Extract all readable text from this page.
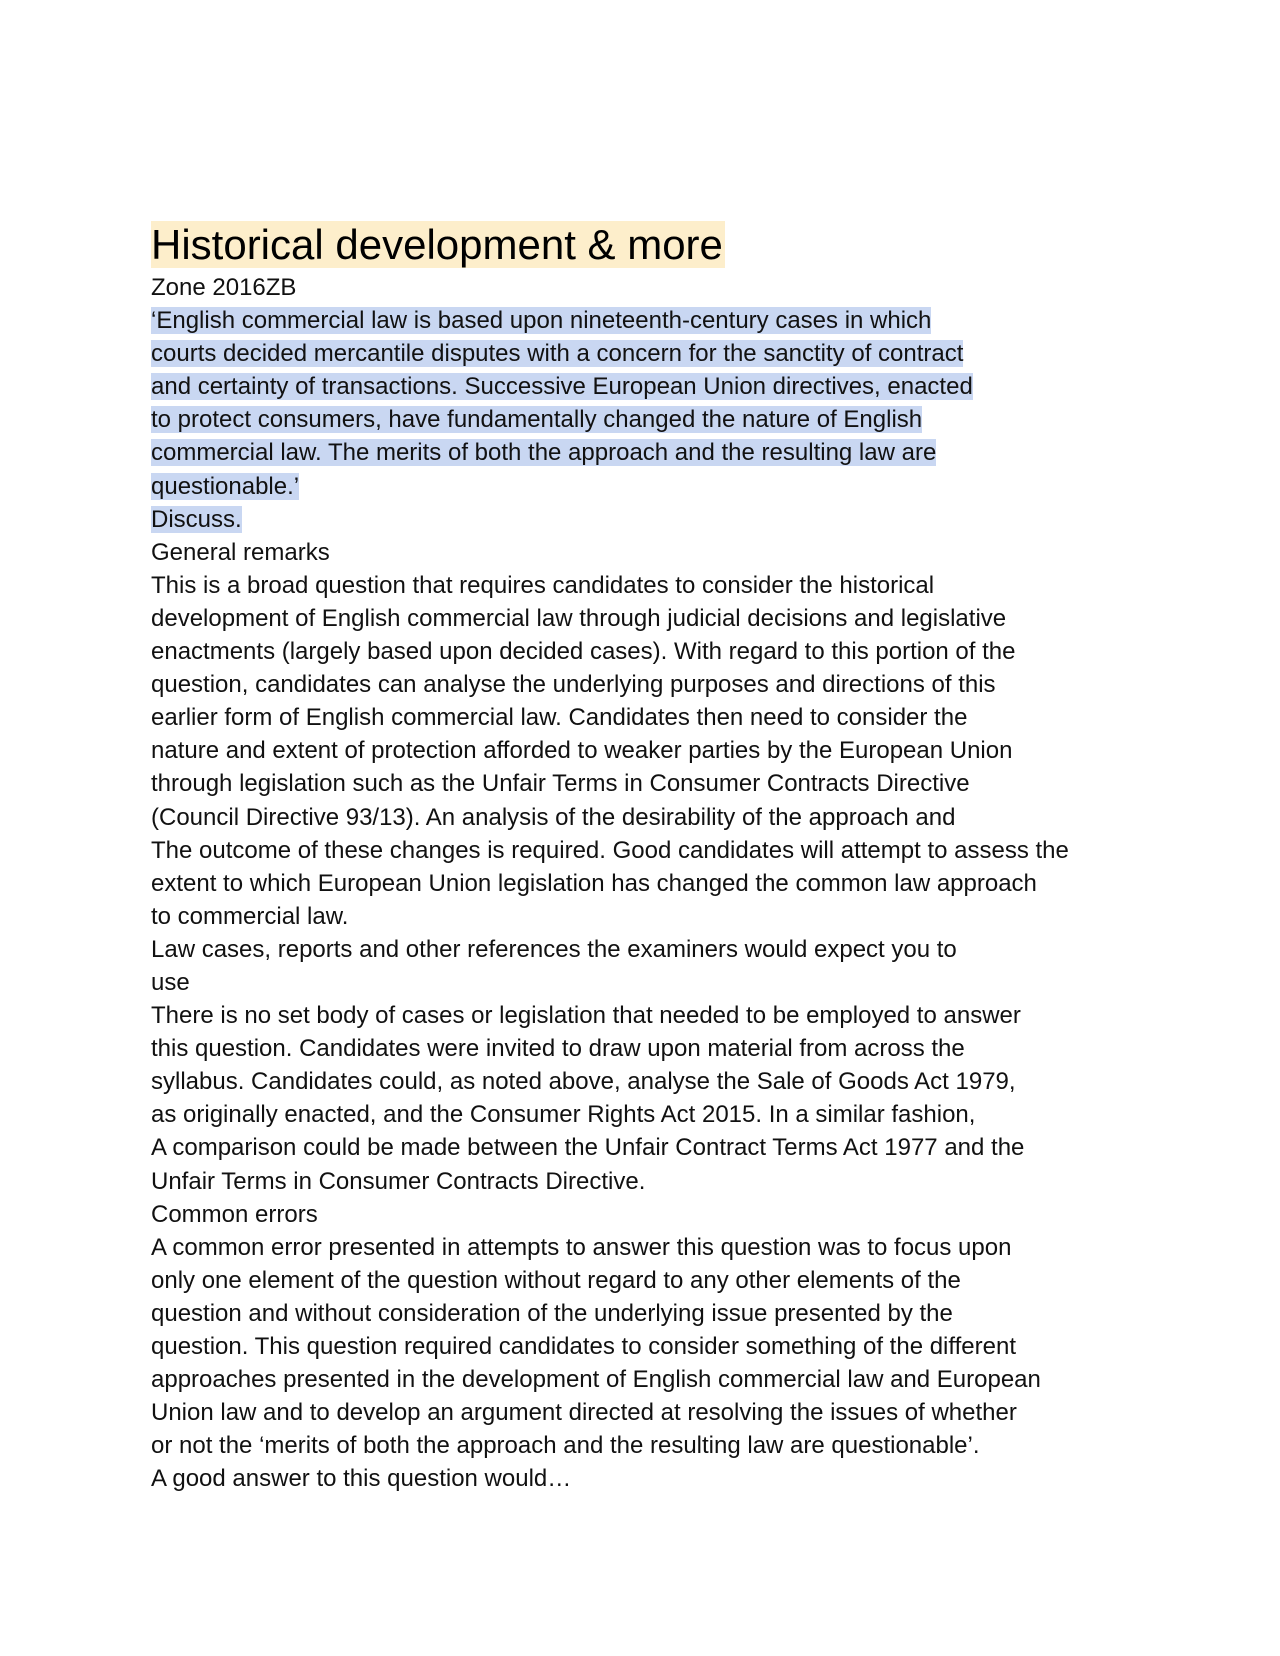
Historical development & more
Zone 2016ZB
‘English commercial law is based upon nineteenth-century cases in which
courts decided mercantile disputes with a concern for the sanctity of contract
and certainty of transactions. Successive European Union directives, enacted
to protect consumers, have fundamentally changed the nature of English
commercial law. The merits of both the approach and the resulting law are
questionable.’
Discuss.
General remarks
This is a broad question that requires candidates to consider the historical
development of English commercial law through judicial decisions and legislative
enactments (largely based upon decided cases). With regard to this portion of the
question, candidates can analyse the underlying purposes and directions of this
earlier form of English commercial law. Candidates then need to consider the
nature and extent of protection afforded to weaker parties by the European Union
through legislation such as the Unfair Terms in Consumer Contracts Directive
(Council Directive 93/13). An analysis of the desirability of the approach and
The outcome of these changes is required. Good candidates will attempt to assess the
extent to which European Union legislation has changed the common law approach
to commercial law.
Law cases, reports and other references the examiners would expect you to
use
There is no set body of cases or legislation that needed to be employed to answer
this question. Candidates were invited to draw upon material from across the
syllabus. Candidates could, as noted above, analyse the Sale of Goods Act 1979,
as originally enacted, and the Consumer Rights Act 2015. In a similar fashion,
A comparison could be made between the Unfair Contract Terms Act 1977 and the
Unfair Terms in Consumer Contracts Directive.
Common errors
A common error presented in attempts to answer this question was to focus upon
only one element of the question without regard to any other elements of the
question and without consideration of the underlying issue presented by the
question. This question required candidates to consider something of the different
approaches presented in the development of English commercial law and European
Union law and to develop an argument directed at resolving the issues of whether
or not the ‘merits of both the approach and the resulting law are questionable’.
A good answer to this question would…
